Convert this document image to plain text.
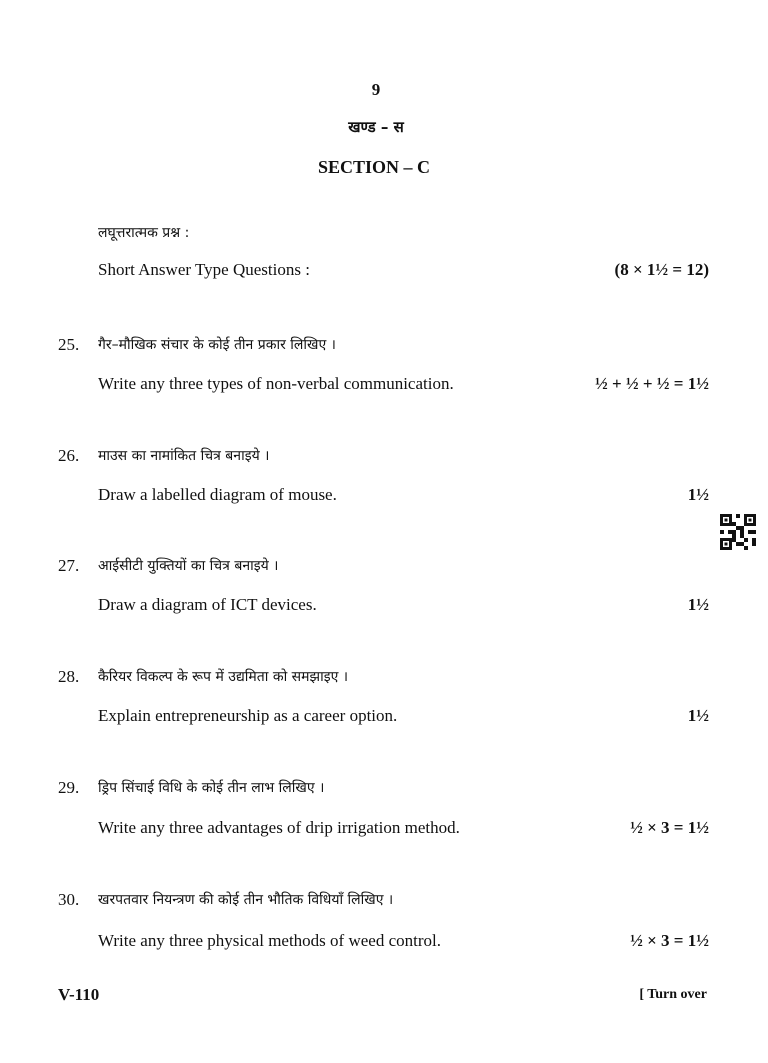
9
खण्ड – स
SECTION – C
लघूत्तरात्मक प्रश्न :
Short Answer Type Questions :	(8 × 1½ = 12)
25. गैर–मौखिक संचार के कोई तीन प्रकार लिखिए ।
Write any three types of non-verbal communication.	½ + ½ + ½ = 1½
26. माउस का नामांकित चित्र बनाइये ।
Draw a labelled diagram of mouse.	1½
27. आईसीटी युक्तियों का चित्र बनाइये ।
Draw a diagram of ICT devices.	1½
28. कैरियर विकल्प के रूप में उद्यमिता को समझाइए ।
Explain entrepreneurship as a career option.	1½
29. ड्रिप सिंचाई विधि के कोई तीन लाभ लिखिए ।
Write any three advantages of drip irrigation method.	½ × 3 = 1½
30. खरपतवार नियन्त्रण की कोई तीन भौतिक विधियाँ लिखिए ।
Write any three physical methods of weed control.	½ × 3 = 1½
V-110	[ Turn over
